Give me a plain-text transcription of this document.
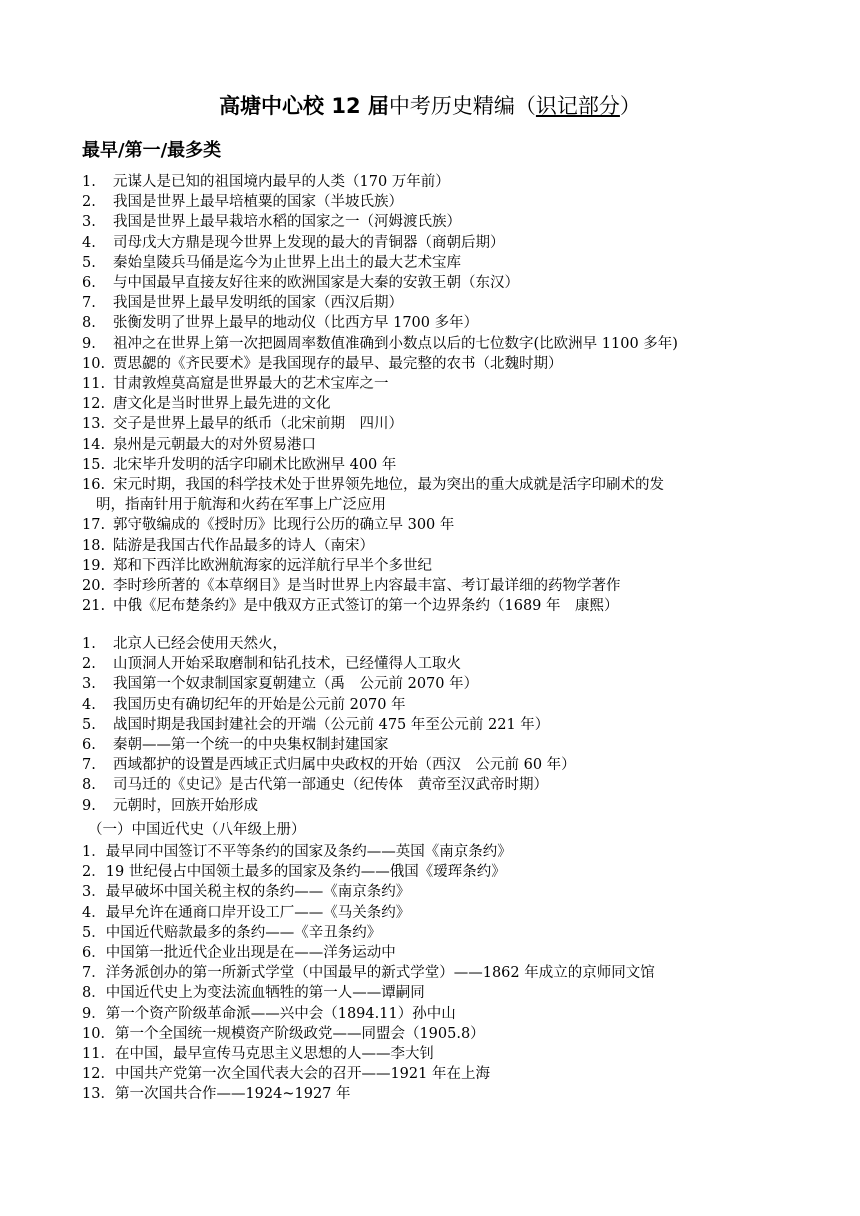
高塘中心校 12 届中考历史精编（识记部分）
最早/第一/最多类
1. 元谋人是已知的祖国境内最早的人类（170 万年前）
2. 我国是世界上最早培植粟的国家（半坡氏族）
3. 我国是世界上最早栽培水稻的国家之一（河姆渡氏族）
4. 司母戊大方鼎是现今世界上发现的最大的青铜器（商朝后期）
5. 秦始皇陵兵马俑是迄今为止世界上出土的最大艺术宝库
6. 与中国最早直接友好往来的欧洲国家是大秦的安敦王朝（东汉）
7. 我国是世界上最早发明纸的国家（西汉后期）
8. 张衡发明了世界上最早的地动仪（比西方早 1700 多年）
9. 祖冲之在世界上第一次把圆周率数值准确到小数点以后的七位数字(比欧洲早 1100 多年)
10. 贾思勰的《齐民要术》是我国现存的最早、最完整的农书（北魏时期）
11. 甘肃敦煌莫高窟是世界最大的艺术宝库之一
12. 唐文化是当时世界上最先进的文化
13. 交子是世界上最早的纸币（北宋前期　四川）
14. 泉州是元朝最大的对外贸易港口
15. 北宋毕升发明的活字印刷术比欧洲早 400 年
16. 宋元时期，我国的科学技术处于世界领先地位，最为突出的重大成就是活字印刷术的发
明，指南针用于航海和火药在军事上广泛应用
17. 郭守敬编成的《授时历》比现行公历的确立早 300 年
18. 陆游是我国古代作品最多的诗人（南宋）
19. 郑和下西洋比欧洲航海家的远洋航行早半个多世纪
20. 李时珍所著的《本草纲目》是当时世界上内容最丰富、考订最详细的药物学著作
21. 中俄《尼布楚条约》是中俄双方正式签订的第一个边界条约（1689 年　康熙）
1. 北京人已经会使用天然火，
2. 山顶洞人开始采取磨制和钻孔技术，已经懂得人工取火
3. 我国第一个奴隶制国家夏朝建立（禹　公元前 2070 年）
4. 我国历史有确切纪年的开始是公元前 2070 年
5. 战国时期是我国封建社会的开端（公元前 475 年至公元前 221 年）
6. 秦朝——第一个统一的中央集权制封建国家
7. 西域都护的设置是西域正式归属中央政权的开始（西汉　公元前 60 年）
8. 司马迁的《史记》是古代第一部通史（纪传体　黄帝至汉武帝时期）
9. 元朝时，回族开始形成
（一）中国近代史（八年级上册）
1．最早同中国签订不平等条约的国家及条约——英国《南京条约》
2．19 世纪侵占中国领土最多的国家及条约——俄国《瑷珲条约》
3．最早破坏中国关税主权的条约——《南京条约》
4．最早允许在通商口岸开设工厂——《马关条约》
5．中国近代赔款最多的条约——《辛丑条约》
6．中国第一批近代企业出现是在——洋务运动中
7．洋务派创办的第一所新式学堂（中国最早的新式学堂）——1862 年成立的京师同文馆
8．中国近代史上为变法流血牺牲的第一人——谭嗣同
9．第一个资产阶级革命派——兴中会（1894.11）孙中山
10．第一个全国统一规模资产阶级政党——同盟会（1905.8）
11．在中国，最早宣传马克思主义思想的人——李大钊
12．中国共产党第一次全国代表大会的召开——1921 年在上海
13．第一次国共合作——1924~1927 年
